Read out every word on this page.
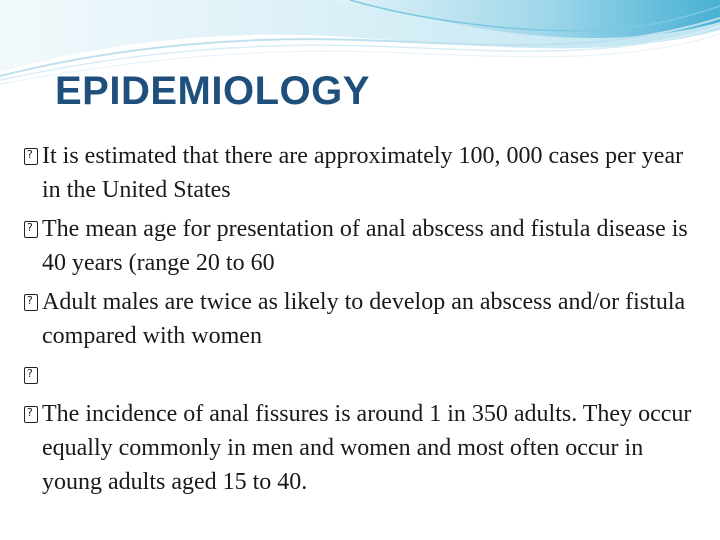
EPIDEMIOLOGY
?
It is estimated that there are approximately 100, 000 cases per year in the United States
?
The mean age for presentation of anal abscess and fistula disease is 40 years (range 20 to 60
?
Adult males are twice as likely to develop an abscess and/or fistula compared with women
?
?
The incidence of anal fissures is around 1 in 350 adults. They occur equally commonly in men and women and most often occur in young adults aged 15 to 40.
